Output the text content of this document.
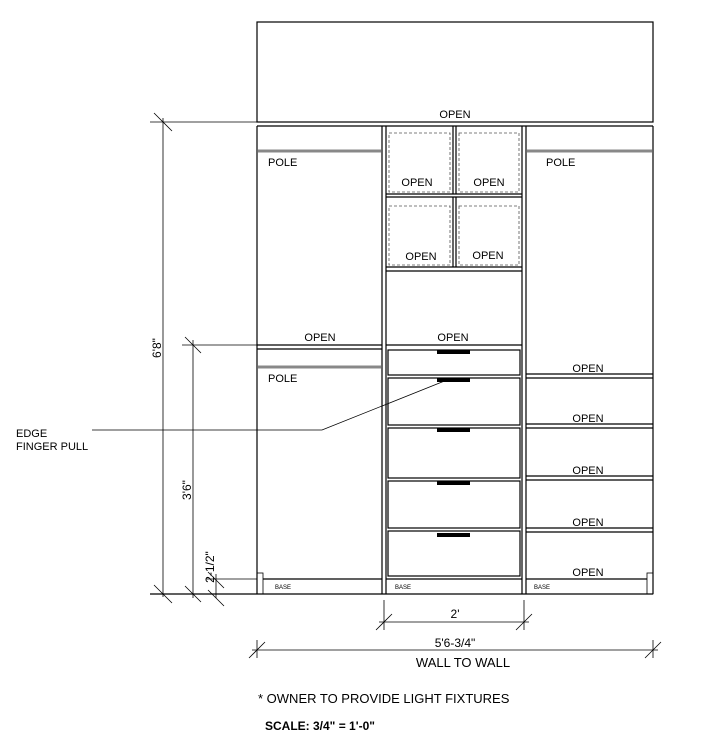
OPEN
POLE	POLE
OPEN	OPEN
OPEN	OPEN
OPEN	OPEN
POLE
OPEN
OPEN
OPEN
OPEN
OPEN
BASE	BASE	BASE
EDGE
FINGER PULL
6'8"
3'6"
2-1/2"
2'
5'6-3/4"
WALL TO WALL
* OWNER TO PROVIDE LIGHT FIXTURES
SCALE: 3/4" = 1'-0"
